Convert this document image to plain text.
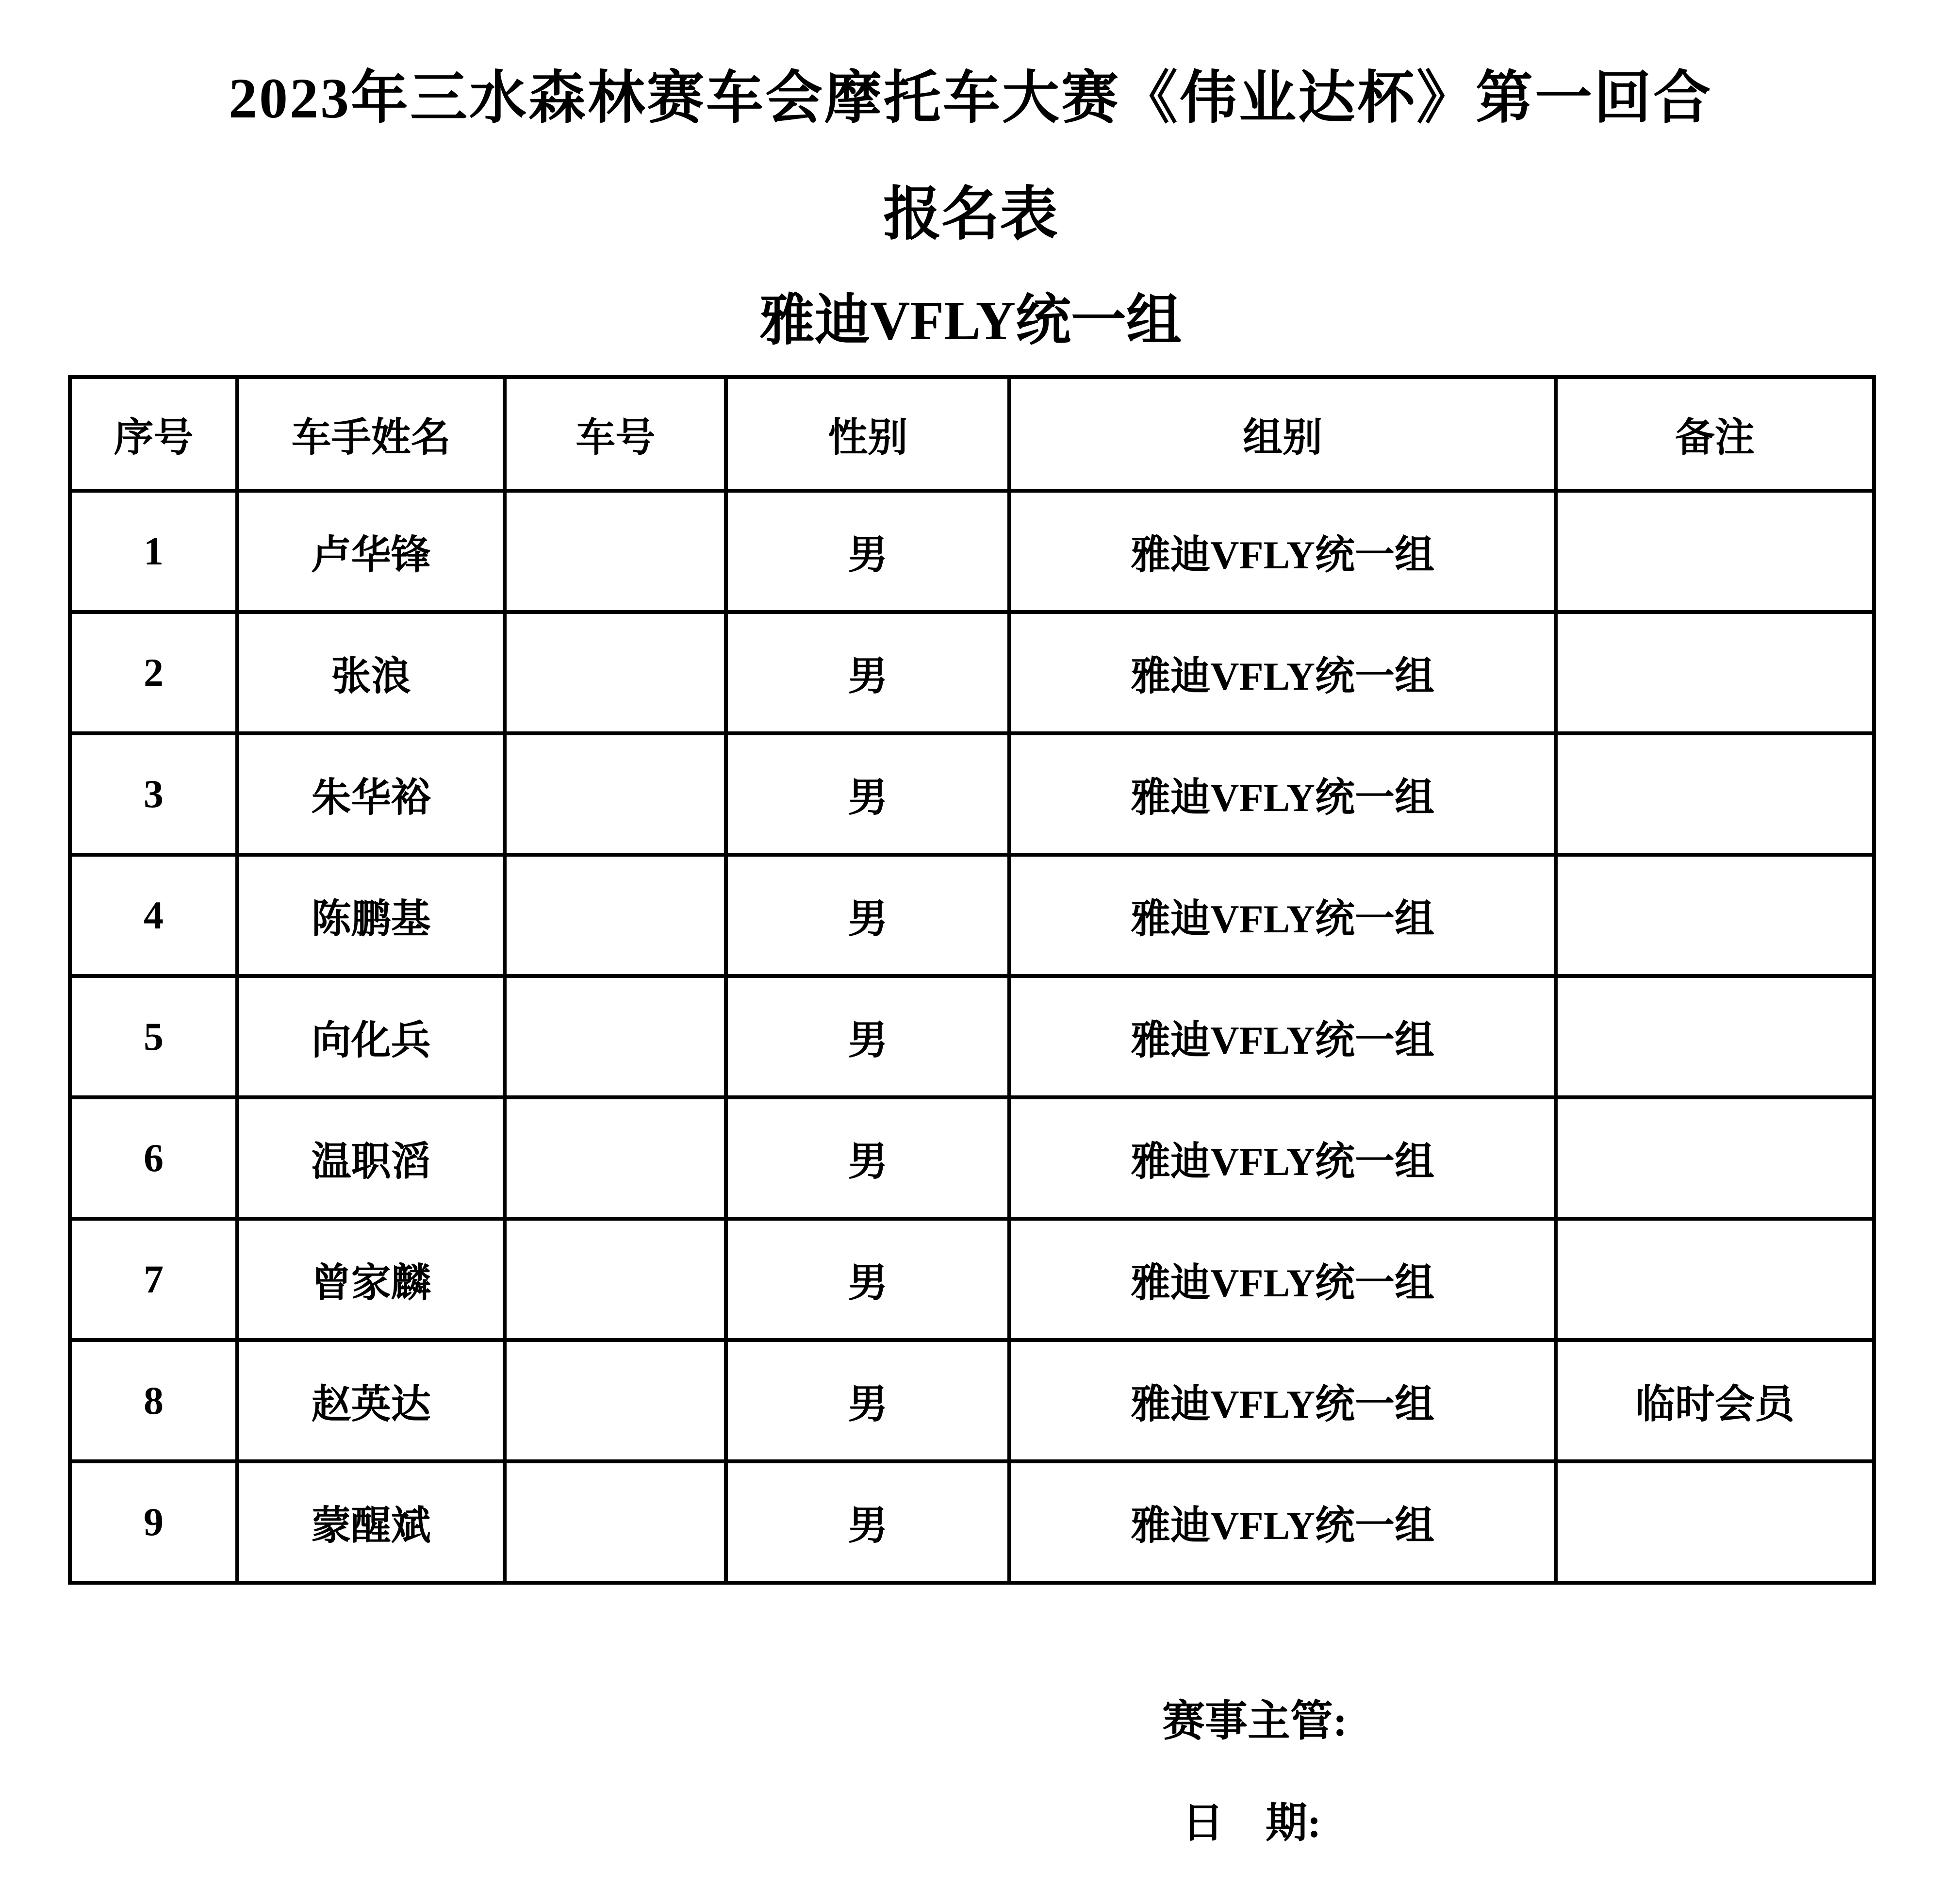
2023年三水森林赛车会摩托车大赛《伟业达杯》第一回合
报名表
雅迪VFLY统一组
序号	车手姓名	车号	性别	组别	备注
1	卢华锋		男	雅迪VFLY统一组	
2	张浪		男	雅迪VFLY统一组	
3	朱华裕		男	雅迪VFLY统一组	
4	陈鹏基		男	雅迪VFLY统一组	
5	向化兵		男	雅迪VFLY统一组	
6	温职滔		男	雅迪VFLY统一组	
7	曾家麟		男	雅迪VFLY统一组	
8	赵英达		男	雅迪VFLY统一组	临时会员
9	蒙醒斌		男	雅迪VFLY统一组	
赛事主管:
日　期:
